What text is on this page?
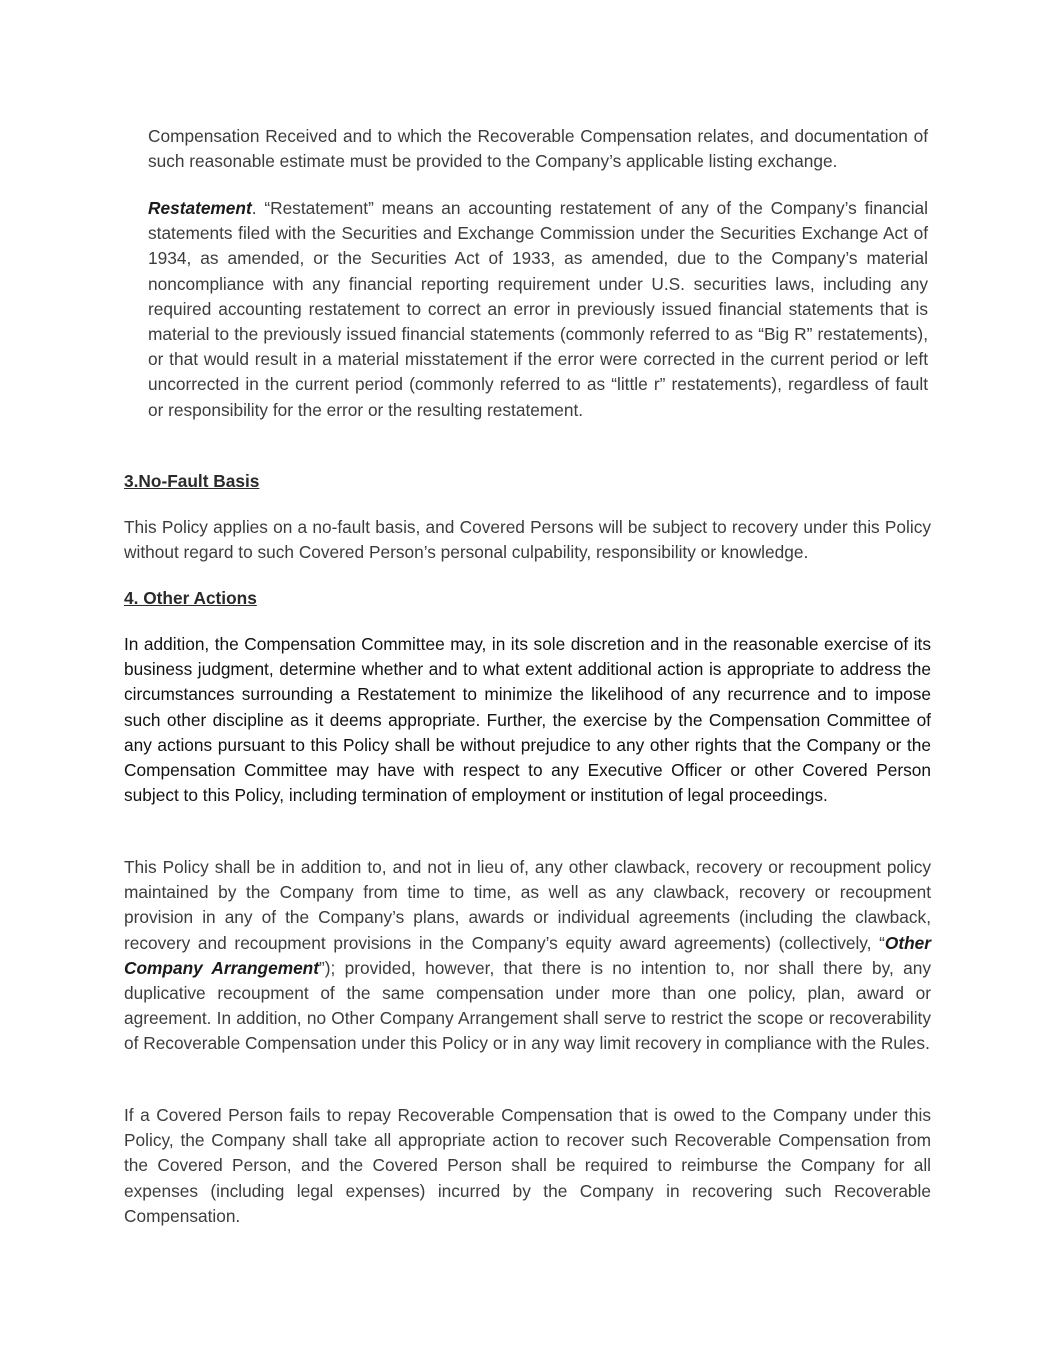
Compensation Received and to which the Recoverable Compensation relates, and documentation of such reasonable estimate must be provided to the Company’s applicable listing exchange.

Restatement. “Restatement” means an accounting restatement of any of the Company’s financial statements filed with the Securities and Exchange Commission under the Securities Exchange Act of 1934, as amended, or the Securities Act of 1933, as amended, due to the Company’s material noncompliance with any financial reporting requirement under U.S. securities laws, including any required accounting restatement to correct an error in previously issued financial statements that is material to the previously issued financial statements (commonly referred to as “Big R” restatements), or that would result in a material misstatement if the error were corrected in the current period or left uncorrected in the current period (commonly referred to as “little r” restatements), regardless of fault or responsibility for the error or the resulting restatement.

3.No-Fault Basis

This Policy applies on a no-fault basis, and Covered Persons will be subject to recovery under this Policy without regard to such Covered Person’s personal culpability, responsibility or knowledge.

4. Other Actions

In addition, the Compensation Committee may, in its sole discretion and in the reasonable exercise of its business judgment, determine whether and to what extent additional action is appropriate to address the circumstances surrounding a Restatement to minimize the likelihood of any recurrence and to impose such other discipline as it deems appropriate. Further, the exercise by the Compensation Committee of any actions pursuant to this Policy shall be without prejudice to any other rights that the Company or the Compensation Committee may have with respect to any Executive Officer or other Covered Person subject to this Policy, including termination of employment or institution of legal proceedings.

This Policy shall be in addition to, and not in lieu of, any other clawback, recovery or recoupment policy maintained by the Company from time to time, as well as any clawback, recovery or recoupment provision in any of the Company’s plans, awards or individual agreements (including the clawback, recovery and recoupment provisions in the Company’s equity award agreements) (collectively, “Other Company Arrangement”); provided, however, that there is no intention to, nor shall there by, any duplicative recoupment of the same compensation under more than one policy, plan, award or agreement. In addition, no Other Company Arrangement shall serve to restrict the scope or recoverability of Recoverable Compensation under this Policy or in any way limit recovery in compliance with the Rules.

If a Covered Person fails to repay Recoverable Compensation that is owed to the Company under this Policy, the Company shall take all appropriate action to recover such Recoverable Compensation from the Covered Person, and the Covered Person shall be required to reimburse the Company for all expenses (including legal expenses) incurred by the Company in recovering such Recoverable Compensation.
